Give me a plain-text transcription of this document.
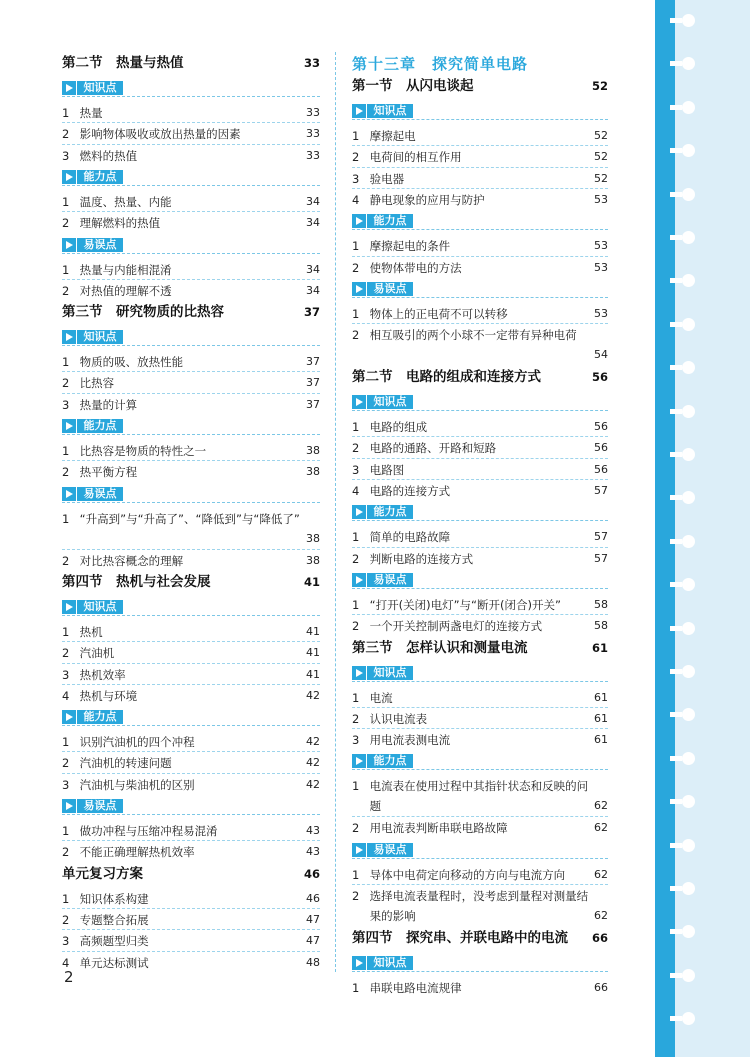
第二节　热量与热值	33
知识点
1 热量	33
2 影响物体吸收或放出热量的因素	33
3 燃料的热值	33
能力点
1 温度、热量、内能	34
2 理解燃料的热值	34
易误点
1 热量与内能相混淆	34
2 对热值的理解不透	34
第三节　研究物质的比热容	37
知识点
1 物质的吸、放热性能	37
2 比热容	37
3 热量的计算	37
能力点
1 比热容是物质的特性之一	38
2 热平衡方程	38
易误点
1 “升高到”与“升高了”、“降低到”与“降低了”
38
2 对比热容概念的理解	38
第四节　热机与社会发展	41
知识点
1 热机	41
2 汽油机	41
3 热机效率	41
4 热机与环境	42
能力点
1 识别汽油机的四个冲程	42
2 汽油机的转速问题	42
3 汽油机与柴油机的区别	42
易误点
1 做功冲程与压缩冲程易混淆	43
2 不能正确理解热机效率	43
单元复习方案	46
1 知识体系构建	46
2 专题整合拓展	47
3 高频题型归类	47
4 单元达标测试	48
第十三章　探究简单电路
第一节　从闪电谈起	52
知识点
1 摩擦起电	52
2 电荷间的相互作用	52
3 验电器	52
4 静电现象的应用与防护	53
能力点
1 摩擦起电的条件	53
2 使物体带电的方法	53
易误点
1 物体上的正电荷不可以转移	53
2 相互吸引的两个小球不一定带有异种电荷
54
第二节　电路的组成和连接方式	56
知识点
1 电路的组成	56
2 电路的通路、开路和短路	56
3 电路图	56
4 电路的连接方式	57
能力点
1 简单的电路故障	57
2 判断电路的连接方式	57
易误点
1 “打开(关闭)电灯”与“断开(闭合)开关”	58
2 一个开关控制两盏电灯的连接方式	58
第三节　怎样认识和测量电流	61
知识点
1 电流	61
2 认识电流表	61
3 用电流表测电流	61
能力点
1 电流表在使用过程中其指针状态和反映的问题	62
2 用电流表判断串联电路故障	62
易误点
1 导体中电荷定向移动的方向与电流方向	62
2 选择电流表量程时，没考虑到量程对测量结果的影响	62
第四节　探究串、并联电路中的电流 66
知识点
1 串联电路电流规律	66
2
